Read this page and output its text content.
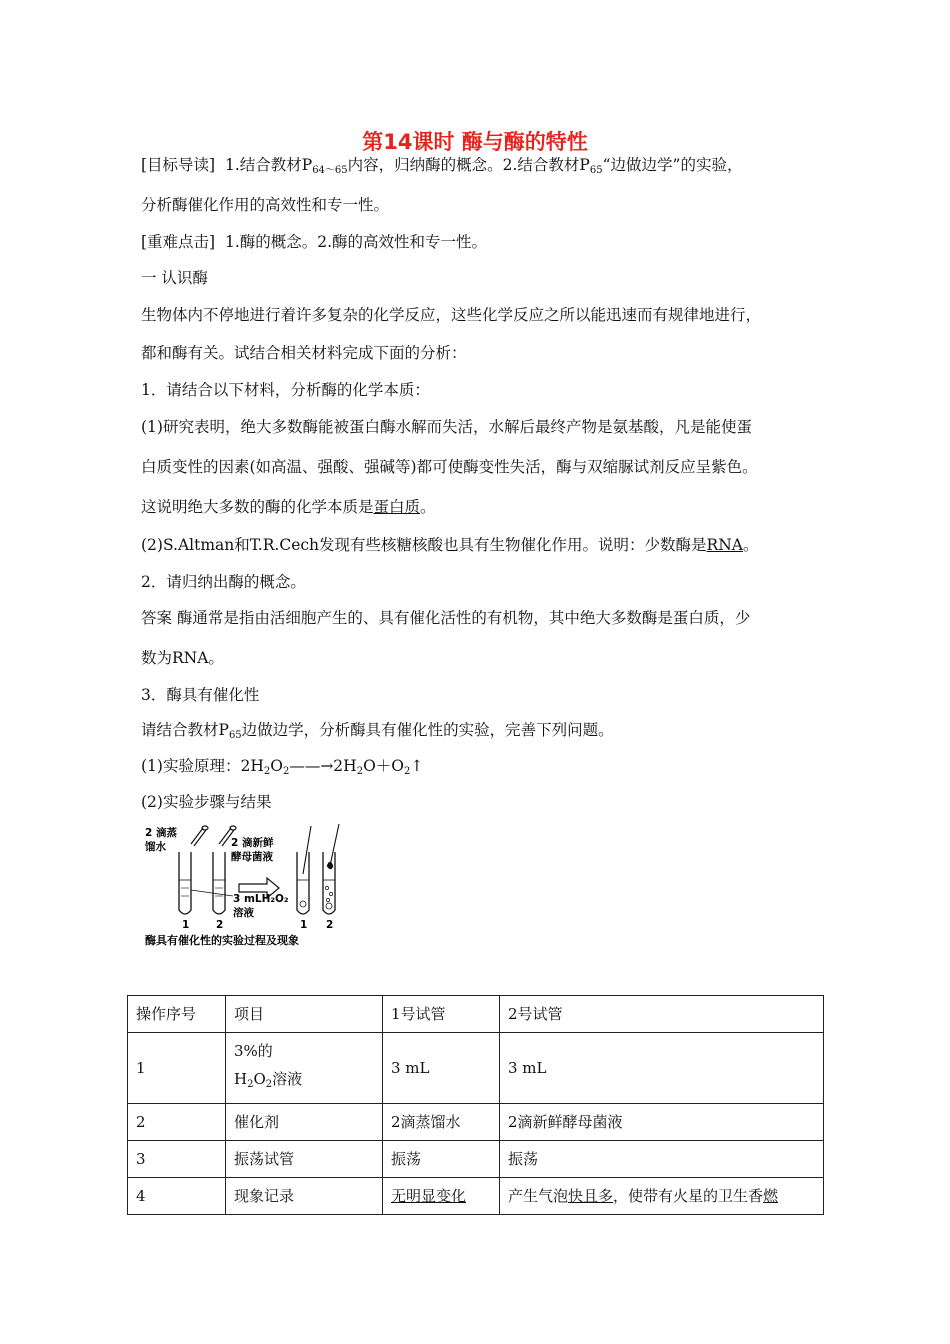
第14课时 酶与酶的特性
[目标导读] 1.结合教材$P_{64\sim 65}$内容，归纳酶的概念。2.结合教材$P_{65}“$边做边学”的实验，
分析酶催化作用的高效性和专一性。
[重难点击] 1.酶的概念。2.酶的高效性和专一性。
一 认识酶
生物体内不停地进行着许多复杂的化学反应，这些化学反应之所以能迅速而有规律地进行，
都和酶有关。试结合相关材料完成下面的分析：
1．请结合以下材料，分析酶的化学本质：
(1)研究表明，绝大多数酶能被蛋白酶水解而失活，水解后最终产物是氨基酸，凡是能使蛋
白质变性的因素(如高温、强酸、强碱等)都可使酶变性失活，酶与双缩脲试剂反应呈紫色。
这说明绝大多数的酶的化学本质是蛋白质。
(2)S.Altman和T.R.Cech发现有些核糖核酸也具有生物催化作用。说明：少数酶是RNA。
2．请归纳出酶的概念。
答案 酶通常是指由活细胞产生的、具有催化活性的有机物，其中绝大多数酶是蛋白质，少
数为RNA。
3．酶具有催化性
请结合教材$P_{65}$边做边学，分析酶具有催化性的实验，完善下列问题。
(1)实验原理：2H2O2——→2H2O＋O2↑
(2)实验步骤与结果
2 滴蒸
馏水	2 滴新鲜
酵母菌液
3 mLH₂O₂
溶液
1	2	1 2
酶具有催化性的实验过程及现象
操作序号	项目	1号试管	2号试管
1	3%的
$H_2O_2$溶液	3 mL	3 mL
2	催化剂	2滴蒸馏水	2滴新鲜酵母菌液
3	振荡试管	振荡	振荡
4	现象记录	无明显变化	产生气泡快且多，使带有火星的卫生香燃
